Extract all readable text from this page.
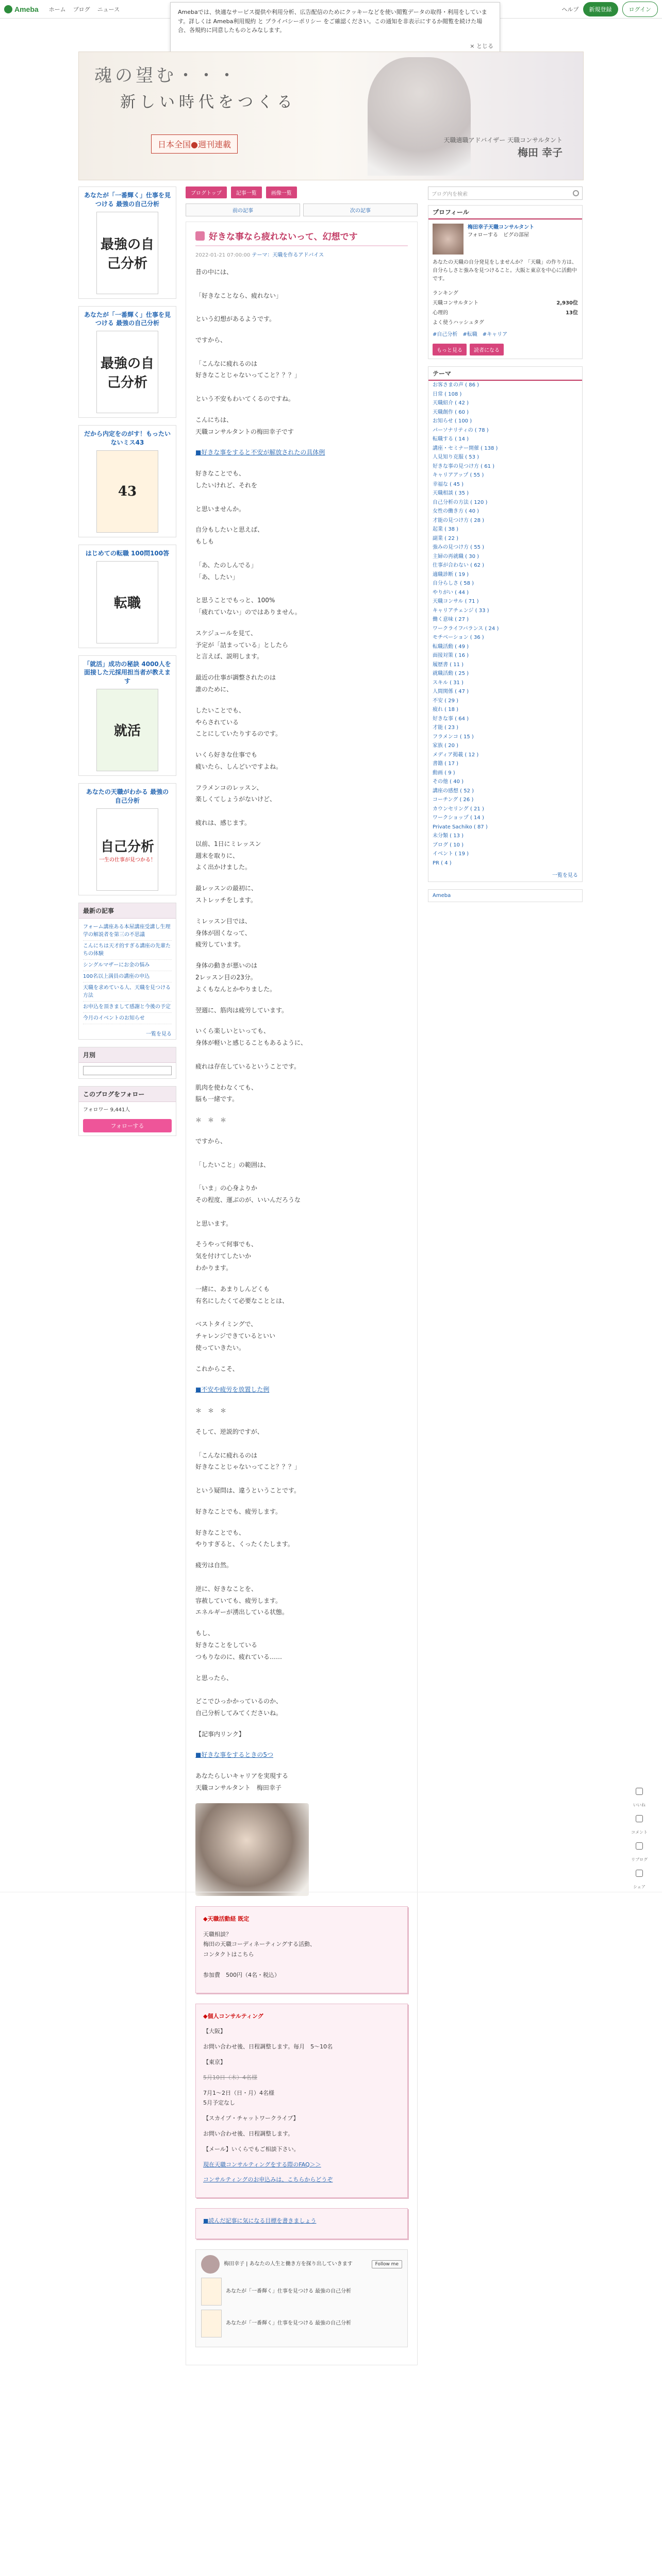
Ameba ホーム ブログ ニュース	ヘルプ	新規登録	ログイン
Amebaでは、快適なサービス提供や利用分析、広告配信のためにクッキーなどを使い閲覧データの取得・利用をしています。詳しくは Ameba利用規約 と プライバシーポリシー をご確認ください。この通知を非表示にするか閲覧を続けた場合、各規約に同意したものとみなします。
× とじる
魂の望む・・・
新しい時代をつくる
日本全国●週刊連載	天職適職アドバイザー 天職コンサルタント
梅田 幸子
あなたが「一番輝く」仕事を見つける 最強の自己分析
最強の自己分析
あなたが「一番輝く」仕事を見つける 最強の自己分析
最強の自己分析
だから内定をのがす！もったいないミス43
43
はじめての転職 100問100答
転職
「就活」成功の秘訣 4000人を面接した元採用担当者が教えます
就活
あなたの天職がわかる 最強の自己分析
自己分析
一生の仕事が見つかる！
最新の記事
フォーム講座ある本屋講座受講し生理学の解説者を第三の不思議
こんにちは天才的すぎる講座の先輩たちの体験
シングルマザーにお金の悩み
100名以上満員の講座の申込
天職を求めている人、天職を見つける方法
お申込を頂きまして感謝と今後の予定
今月のイベントのお知らせ
一覧を見る
月別
このブログをフォロー
フォロワー 9,441人
フォローする
ブログトップ	記事一覧	画像一覧
前の記事	次の記事
好きな事なら疲れないって、幻想です
2022-01-21 07:00:00 テーマ：天職を作るアドバイス

昔の中には、

「好きなことなら、疲れない」

という幻想があるようです。

ですから、

「こんなに疲れるのは
好きなことじゃないってこと？？？」

という不安もわいてくるのですね。

こんにちは、
天職コンサルタントの梅田幸子です

■好きな事をすると不安が解放されたの具体例

好きなことでも、
したいけれど、それを

と思いませんか。

自分もしたいと思えば、
もしも

「あ、たのしんでる」
「あ、したい」

と思うことでもっと、100%
「疲れていない」のではありません。

スケジュールを見て、
予定が「詰まっている」としたら
と言えば、説明します。

最近の仕事が調整されたのは
誰のために、

したいことでも、
やらされている
ことにしていたりするのです。

いくら好きな仕事でも
疲いたら、しんどいですよね。

フラメンコのレッスン、
楽しくてしょうがないけど、

疲れは、感じます。

以前、1日にミレッスン
週末を取りに、
よく出かけました。

最レッスンの最初に、
ストレッチをします。

ミレッスン目では、
身体が固くなって、
疲労しています。

身体の動きが悪いのは
2レッスン目の23分。
よくもなんとかやりました。

翌週に、筋肉は疲労しています。

いくら楽しいといっても、
身体が軽いと感じることもあるように、

疲れは存在しているということです。

肌肉を使わなくても、
脳も一緒です。

＊　＊　＊

ですから、

「したいこと」の範囲は、

「いま」の心身よりか
その程度、運ぶのが、いいんだろうな

と思います。

そうやって何事でも、
気を付けてしたいか
わかります。

一緒に、あまりしんどくも
有名にしたくて必要なこととは、

ベストタイミングで、
チャレンジできているといい
使っていきたい。

これからこそ、

■不安や疲労を放置した例

＊　＊　＊

そして、逆説的ですが、

「こんなに疲れるのは
好きなことじゃないってこと？？？」

という疑問は、違うということです。

好きなことでも、疲労します。

好きなことでも、
やりすぎると、くったくたします。

疲労は自然。

逆に、好きなことを、
容赦していても、疲労します。
エネルギーが湧出している状態。

もし、
好きなことをしている
つもりなのに、疲れている……

と思ったら、

どこでひっかかっているのか、
自己分析してみてくださいね。

【記事内リンク】

■好きな事をするときの5つ

あなたらしいキャリアを実現する
天職コンサルタント　梅田幸子

◆天職活動経 既定

天職相談？
梅田の天職コーディネーティングする活動、
コンタクトはこちら

参加費　500円（4名・税込）

◆個人コンサルティング

【大阪】

お問い合わせ後、日程調整します。毎月　5〜10名

【東京】

5月10日（木）4名様

7月1〜2日（日・月）4名様
5月予定なし

【スカイプ・チャットワークライブ】

お問い合わせ後、日程調整します。

【メール】いくらでもご相談下さい。

現在天職コンサルティングをする際のFAQ＞＞

コンサルティングのお申込みは、こちらからどうぞ

■読んだ記事に気になる目標を書きましょう

梅田幸子 | あなたの人生と働き方を探り出していきます	Follow me
あなたが「一番輝く」仕事を見つける 最強の自己分析
あなたが「一番輝く」仕事を見つける 最強の自己分析
ブログ内を検索
プロフィール
梅田幸子天職コンサルタント
フォローする　ピグの部屋
あなたの天職の自分発見をしませんか？「天職」の作り方は、自分らしさと強みを見つけること。大阪と東京を中心に活動中です。
ランキング
天職コンサルタント	2,930位
心理的	13位
よく使うハッシュタグ
#自己分析 #転職 #キャリア
もっと見る	読者になる
テーマ
お客さまの声 ( 86 )
日常 ( 108 )
天職紹介 ( 42 )
天職創作 ( 60 )
お知らせ ( 100 )
パーソナリティの ( 78 )
転職する ( 14 )
講座・セミナー開催 ( 138 )
人見知り克服 ( 53 )
好きな事の見つけ方 ( 61 )
キャリアアップ ( 55 )
幸福な ( 45 )
天職相談 ( 35 )
自己分析の方法 ( 120 )
女性の働き方 ( 40 )
才能の見つけ方 ( 28 )
起業 ( 38 )
副業 ( 22 )
強みの見つけ方 ( 55 )
主婦の再就職 ( 30 )
仕事が合わない ( 62 )
適職診断 ( 19 )
自分らしさ ( 58 )
やりがい ( 44 )
天職コンサル ( 71 )
キャリアチェンジ ( 33 )
働く意味 ( 27 )
ワークライフバランス ( 24 )
モチベーション ( 36 )
転職活動 ( 49 )
面接対策 ( 16 )
履歴書 ( 11 )
就職活動 ( 25 )
スキル ( 31 )
人間関係 ( 47 )
不安 ( 29 )
疲れ ( 18 )
好きな事 ( 64 )
才能 ( 23 )
フラメンコ ( 15 )
家族 ( 20 )
メディア掲載 ( 12 )
書籍 ( 17 )
動画 ( 9 )
その他 ( 40 )
講座の感想 ( 52 )
コーチング ( 26 )
カウンセリング ( 21 )
ワークショップ ( 14 )
Private Sachiko ( 87 )
未分類 ( 13 )
ブログ ( 10 )
イベント ( 19 )
PR ( 4 )
一覧を見る
Ameba
いいね
コメント
リブログ
シェア
